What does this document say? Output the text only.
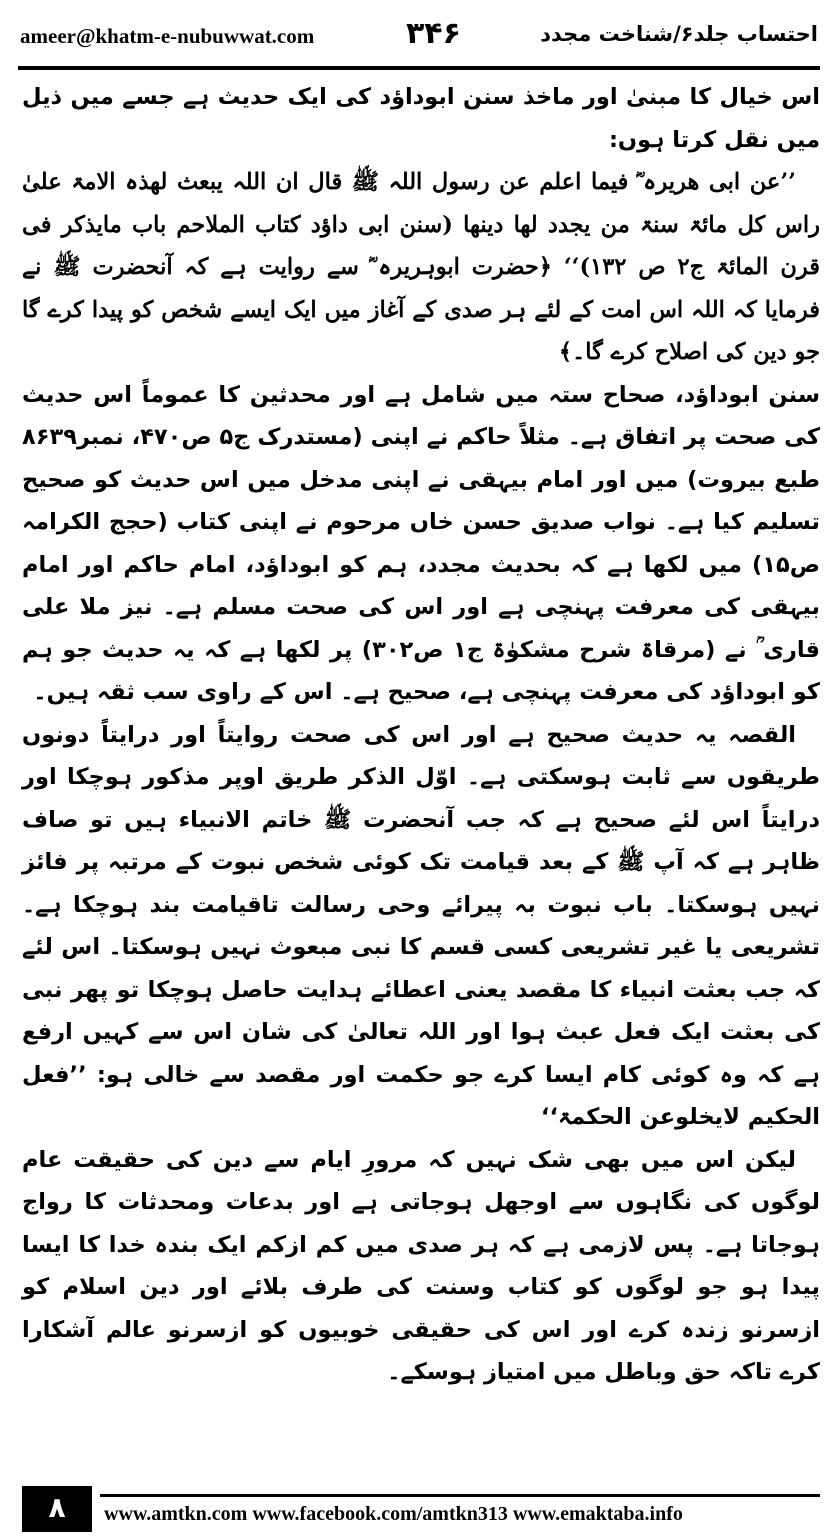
ameer@khatm-e-nubuwwat.com	۳۴۶	احتساب جلد۶/شناخت مجدد

اس خیال کا مبنیٰ اور ماخذ سنن ابوداؤد کی ایک حدیث ہے جسے میں ذیل میں نقل کرتا ہوں:

’’عن ابی ھریرہ ؓ فیما اعلم عن رسول اللہ ﷺ قال ان اللہ یبعث لھذہ الامۃ علیٰ راس کل مائۃ سنۃ من یجدد لھا دینھا (سنن ابی داؤد کتاب الملاحم باب مایذکر فی قرن المائۃ ج۲ ص ۱۳۲)‘‘ ﴿حضرت ابوہریرہ ؓ سے روایت ہے کہ آنحضرت ﷺ نے فرمایا کہ اللہ اس امت کے لئے ہر صدی کے آغاز میں ایک ایسے شخص کو پیدا کرے گا جو دین کی اصلاح کرے گا۔﴾

سنن ابوداؤد، صحاح ستہ میں شامل ہے اور محدثین کا عموماً اس حدیث کی صحت پر اتفاق ہے۔ مثلاً حاکم نے اپنی (مستدرک ج۵ ص۴۷۰، نمبر۸۶۳۹ طبع بیروت) میں اور امام بیہقی نے اپنی مدخل میں اس حدیث کو صحیح تسلیم کیا ہے۔ نواب صدیق حسن خاں مرحوم نے اپنی کتاب (حجج الکرامہ ص۱۵) میں لکھا ہے کہ بحدیث مجدد، ہم کو ابوداؤد، امام حاکم اور امام بیہقی کی معرفت پہنچی ہے اور اس کی صحت مسلم ہے۔ نیز ملا علی قاری ؒ نے (مرقاۃ شرح مشکوٰۃ ج۱ ص۳۰۲) پر لکھا ہے کہ یہ حدیث جو ہم کو ابوداؤد کی معرفت پہنچی ہے، صحیح ہے۔ اس کے راوی سب ثقہ ہیں۔

القصہ یہ حدیث صحیح ہے اور اس کی صحت روایتاً اور درایتاً دونوں طریقوں سے ثابت ہوسکتی ہے۔ اوّل الذکر طریق اوپر مذکور ہوچکا اور درایتاً اس لئے صحیح ہے کہ جب آنحضرت ﷺ خاتم الانبیاء ہیں تو صاف ظاہر ہے کہ آپ ﷺ کے بعد قیامت تک کوئی شخص نبوت کے مرتبہ پر فائز نہیں ہوسکتا۔ باب نبوت بہ پیرائے وحی رسالت تاقیامت بند ہوچکا ہے۔ تشریعی یا غیر تشریعی کسی قسم کا نبی مبعوث نہیں ہوسکتا۔ اس لئے کہ جب بعثت انبیاء کا مقصد یعنی اعطائے ہدایت حاصل ہوچکا تو پھر نبی کی بعثت ایک فعل عبث ہوا اور اللہ تعالیٰ کی شان اس سے کہیں ارفع ہے کہ وہ کوئی کام ایسا کرے جو حکمت اور مقصد سے خالی ہو: ’’فعل الحکیم لایخلوعن الحکمۃ‘‘

لیکن اس میں بھی شک نہیں کہ مرورِ ایام سے دین کی حقیقت عام لوگوں کی نگاہوں سے اوجھل ہوجاتی ہے اور بدعات ومحدثات کا رواج ہوجاتا ہے۔ پس لازمی ہے کہ ہر صدی میں کم ازکم ایک بندہ خدا کا ایسا پیدا ہو جو لوگوں کو کتاب وسنت کی طرف بلائے اور دین اسلام کو ازسرنو زندہ کرے اور اس کی حقیقی خوبیوں کو ازسرنو عالم آشکارا کرے تاکہ حق وباطل میں امتیاز ہوسکے۔

۸	www.amtkn.com www.facebook.com/amtkn313 www.emaktaba.info
